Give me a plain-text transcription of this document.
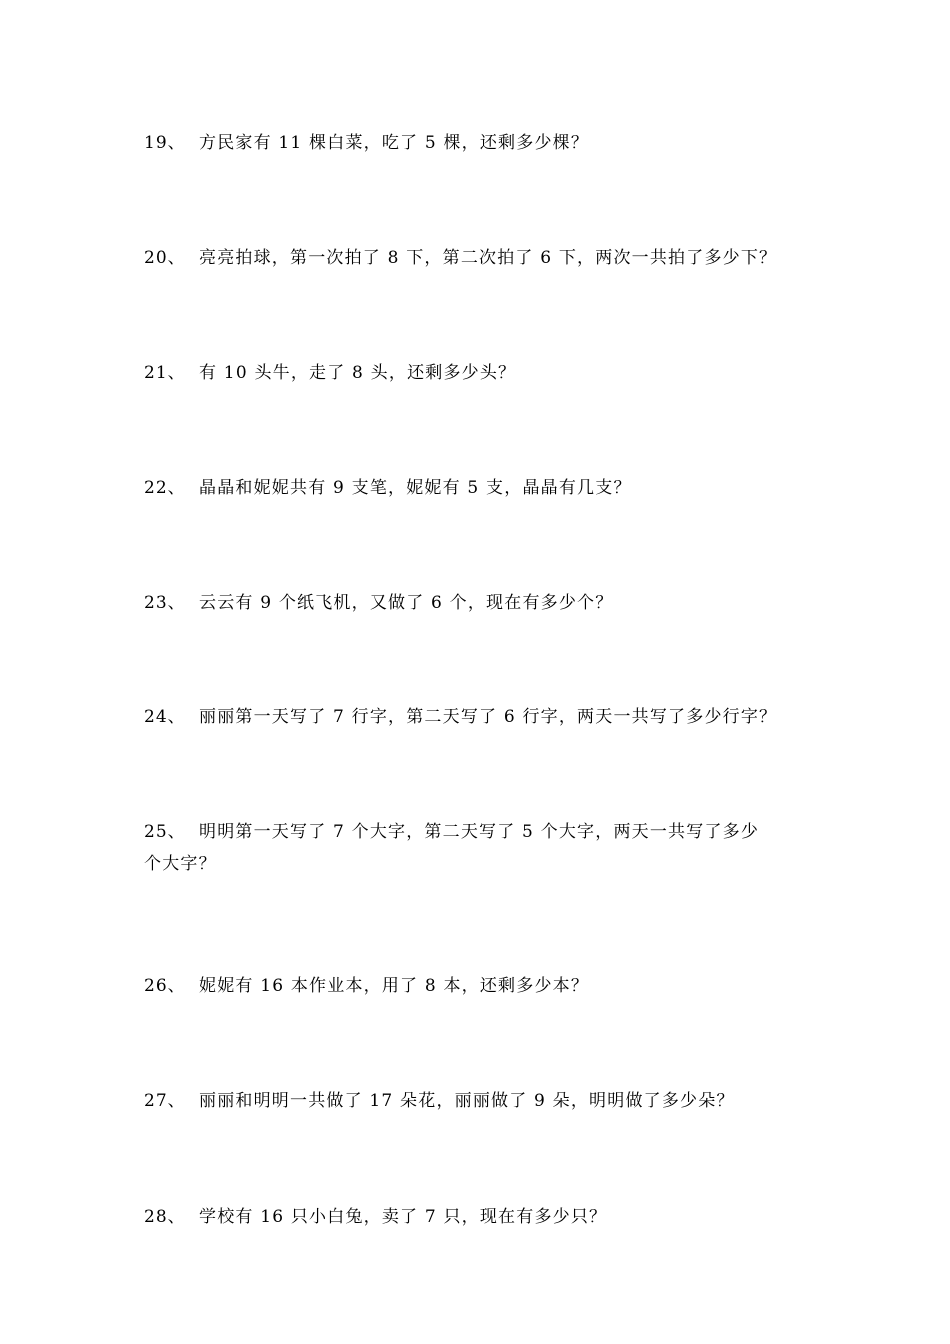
19、 方民家有 11 棵白菜，吃了 5 棵，还剩多少棵？
20、 亮亮拍球，第一次拍了 8 下，第二次拍了 6 下，两次一共拍了多少下？
21、 有 10 头牛，走了 8 头，还剩多少头？
22、 晶晶和妮妮共有 9 支笔，妮妮有 5 支，晶晶有几支？
23、 云云有 9 个纸飞机，又做了 6 个，现在有多少个？
24、 丽丽第一天写了 7 行字，第二天写了 6 行字，两天一共写了多少行字？
25、 明明第一天写了 7 个大字，第二天写了 5 个大字，两天一共写了多少
个大字？
26、 妮妮有 16 本作业本，用了 8 本，还剩多少本？
27、 丽丽和明明一共做了 17 朵花，丽丽做了 9 朵，明明做了多少朵？
28、 学校有 16 只小白兔，卖了 7 只，现在有多少只？
